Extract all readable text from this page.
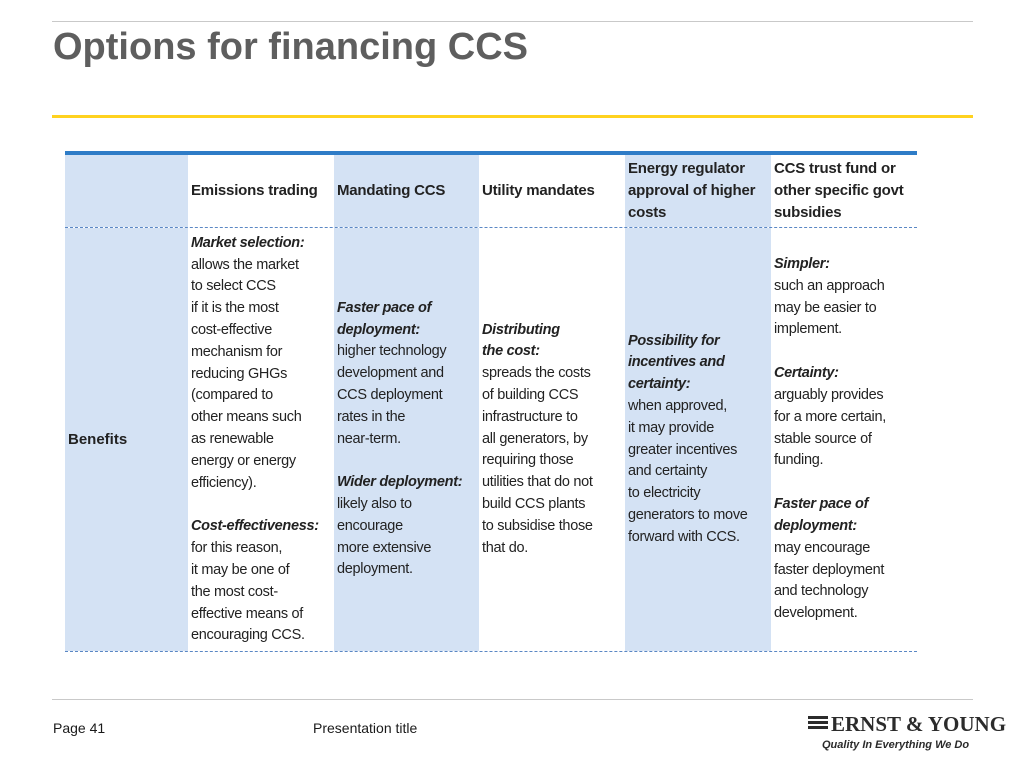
Options for financing CCS
Emissions trading Mandating CCS Utility mandates
Energy regulator
approval of higher
costs
CCS trust fund or
other specific govt
subsidies
Benefits
Market selection:
allows the market
to select CCS
if it is the most
cost-effective
mechanism for
reducing GHGs
(compared to
other means such
as renewable
energy or energy
efficiency).
Cost-effectiveness:
for this reason,
it may be one of
the most cost-
effective means of
encouraging CCS.
Faster pace of
deployment:
higher technology
development and
CCS deployment
rates in the
near-term.
Wider deployment:
likely also to
encourage
more extensive
deployment.
Distributing
the cost:
spreads the costs
of building CCS
infrastructure to
all generators, by
requiring those
utilities that do not
build CCS plants
to subsidise those
that do.
Possibility for
incentives and
certainty:
when approved,
it may provide
greater incentives
and certainty
to electricity
generators to move
forward with CCS.
Simpler:
such an approach
may be easier to
implement.
Certainty:
arguably provides
for a more certain,
stable source of
funding.
Faster pace of
deployment:
may encourage
faster deployment
and technology
development.
Page 41	Presentation title	ERNST & YOUNG
Quality In Everything We Do
